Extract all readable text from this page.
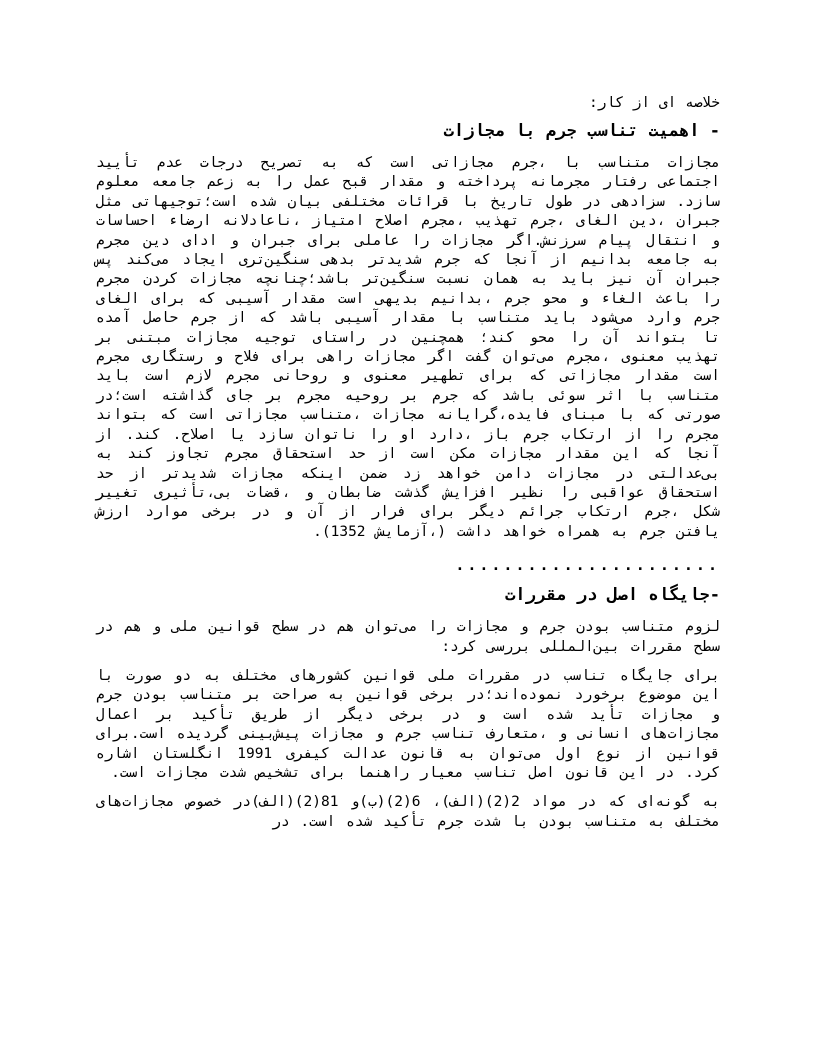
خلاصه ای از کار:

- اهمیت تناسب جرم با مجازات

مجازات متناسب با ،جرم مجازاتی است که به تصریح درجات عدم تأیید اجتماعی رفتار مجرمانه پرداخته و مقدار قبح عمل را به زعم جامعه معلوم سازد. سزادهی در طول تاریخ با قرائات مختلفی بیان شده است؛توجیهاتی مثل جبران ،دین الغای ،جرم تهذیب ،مجرم اصلاح امتیاز ،ناعادلانه ارضاء احساسات و انتقال پیام سرزنش.اگر مجازات را عاملی برای جبران و ادای دین مجرم به جامعه بدانیم از آنجا که جرم شدیدتر بدهی سنگین‌تری ایجاد می‌کند پس جبران آن نیز باید به همان نسبت سنگین‌تر باشد؛چنانچه مجازات کردن مجرم را باعث الغاء و محو جرم ،بدانیم بدیهی است مقدار آسیبی که برای الغای جرم وارد می‌شود باید متناسب با مقدار آسیبی باشد که از جرم حاصل آمده تا بتواند آن را محو کند؛ همچنین در راستای توجیه مجازات مبتنی بر تهذیب معنوی ،مجرم می‌توان گفت اگر مجازات راهی برای فلاح و رستگاری مجرم است مقدار مجازاتی که برای تطهیر معنوی و روحانی مجرم لازم است باید متناسب با اثر سوئی باشد که جرم بر روحیه مجرم بر جای گذاشته است؛در صورتی که با مبنای فایده،گرایانه مجازات ،متناسب مجازاتی است که بتواند مجرم را از ارتکاب جرم باز ،دارد او را ناتوان سازد یا اصلاح. کند. از آنجا که این مقدار مجازات مکن است از حد استحقاق مجرم تجاوز کند به بی‌عدالتی در مجازات دامن خواهد زد ضمن اینکه مجازات شدیدتر از حد استحقاق عواقبی را نظیر افزایش گذشت ضابطان و ،قضات بی،تأثیری تغییر شکل ،جرم ارتکاب جرائم دیگر برای فرار از آن و در برخی موارد ارزش یافتن جرم به همراه خواهد داشت (،آزمایش 1352).

......................
-جایگاه اصل در مقررات

لزوم متناسب بودن جرم و مجازات را می‌توان هم در سطح قوانین ملی و هم در سطح مقررات بین‌المللی بررسی کرد:

برای جایگاه تناسب در مقررات ملی قوانین کشورهای مختلف به دو صورت با این موضوع برخورد نموده‌اند؛در برخی قوانین به صراحت بر متناسب بودن جرم و مجازات تأید شده است و در برخی دیگر از طریق تأکید بر اعمال مجازات‌های انسانی و ،متعارف تناسب جرم و مجازات پیش‌بینی گردیده است.برای قوانین از نوع اول می‌توان به قانون عدالت کیفری 1991 انگلستان اشاره کرد. در این قانون اصل تناسب معیار راهنما برای تشخیص شدت مجازات است.

به گونه‌ای که در مواد 2(2)(الف)، 6(2)(ب)و 81(2)(الف)در خصوص مجازات‌های مختلف به متناسب بودن با شدت جرم تأکید شده است. در
